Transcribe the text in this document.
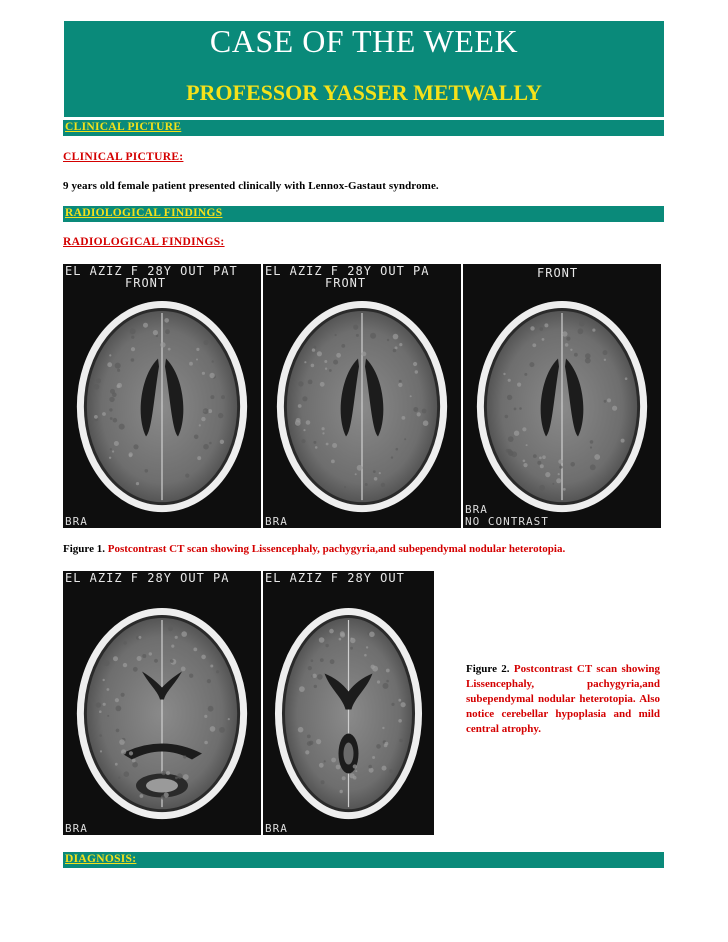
CASE OF THE WEEK
PROFESSOR YASSER METWALLY
CLINICAL PICTURE
CLINICAL PICTURE:
9 years old female patient presented clinically with Lennox-Gastaut syndrome.
RADIOLOGICAL FINDINGS
RADIOLOGICAL FINDINGS:
EL AZIZ F 28Y OUT PAT
FRONT
BRA
EL AZIZ F 28Y OUT PA
FRONT
BRA
FRONT
BRA
NO CONTRAST
Figure 1. Postcontrast CT scan showing Lissencephaly, pachygyria,and subependymal nodular heterotopia.
EL AZIZ F 28Y OUT PA
BRA
EL AZIZ F 28Y OUT
BRA
Figure 2. Postcontrast CT scan showing Lissencephaly, pachygyria,and subependymal nodular heterotopia. Also notice cerebellar hypoplasia and mild central atrophy.
DIAGNOSIS:
